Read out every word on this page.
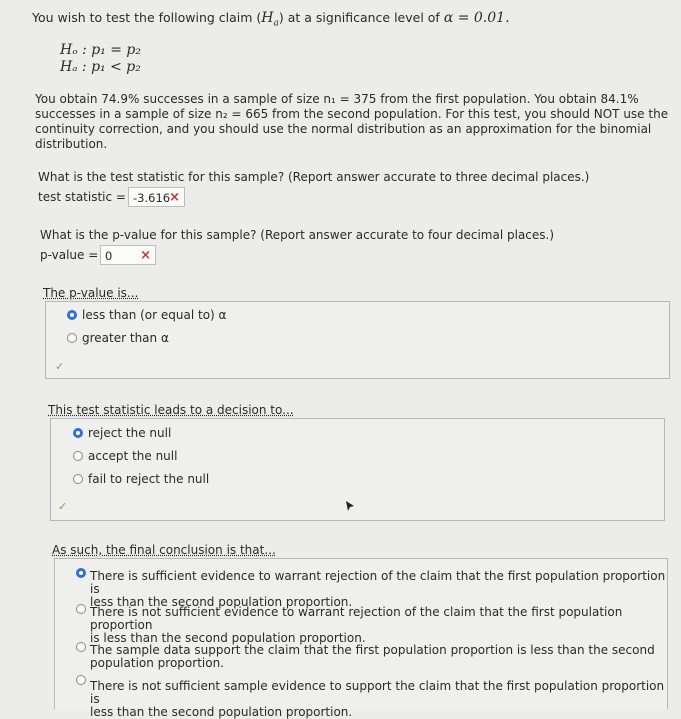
You wish to test the following claim $(H_a)$ at a significance level of α = 0.01.
Hₒ : p₁ = p₂
Hₐ : p₁ < p₂
You obtain 74.9% successes in a sample of size n₁ = 375 from the first population. You obtain 84.1%
successes in a sample of size n₂ = 665 from the second population. For this test, you should NOT use the
continuity correction, and you should use the normal distribution as an approximation for the binomial
distribution.
What is the test statistic for this sample? (Report answer accurate to three decimal places.)
test statistic = -3.616 ×
What is the p-value for this sample? (Report answer accurate to four decimal places.)
p-value = 0 ×
The p-value is...
less than (or equal to) α
greater than α
✓
This test statistic leads to a decision to...
reject the null
accept the null
fail to reject the null
✓
As such, the final conclusion is that...
There is sufficient evidence to warrant rejection of the claim that the first population proportion is
less than the second population proportion.
There is not sufficient evidence to warrant rejection of the claim that the first population proportion
is less than the second population proportion.
The sample data support the claim that the first population proportion is less than the second
population proportion.
There is not sufficient sample evidence to support the claim that the first population proportion is
less than the second population proportion.
